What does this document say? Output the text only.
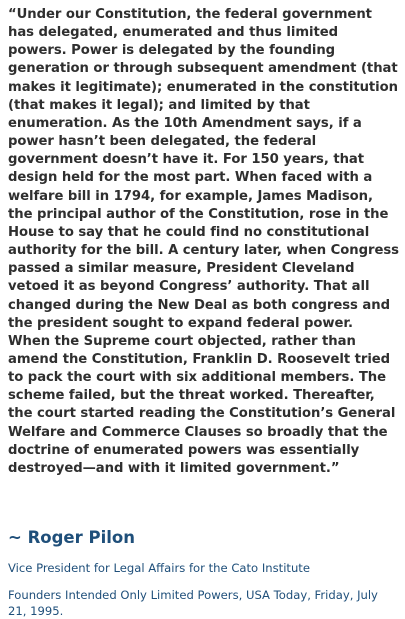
“Under our Constitution, the federal government has delegated, enumerated and thus limited powers. Power is delegated by the founding generation or through subsequent amendment (that makes it legitimate); enumerated in the constitution (that makes it legal); and limited by that enumeration. As the 10th Amendment says, if a power hasn’t been delegated, the federal government doesn’t have it. For 150 years, that design held for the most part. When faced with a welfare bill in 1794, for example, James Madison, the principal author of the Constitution, rose in the House to say that he could find no constitutional authority for the bill. A century later, when Congress passed a similar measure, President Cleveland vetoed it as beyond Congress’ authority. That all changed during the New Deal as both congress and the president sought to expand federal power. When the Supreme court objected, rather than amend the Constitution, Franklin D. Roosevelt tried to pack the court with six additional members. The scheme failed, but the threat worked. Thereafter, the court started reading the Constitution’s General Welfare and Commerce Clauses so broadly that the doctrine of enumerated powers was essentially destroyed—and with it limited government.”

~ Roger Pilon
Vice President for Legal Affairs for the Cato Institute
Founders Intended Only Limited Powers, USA Today, Friday, July 21, 1995.
